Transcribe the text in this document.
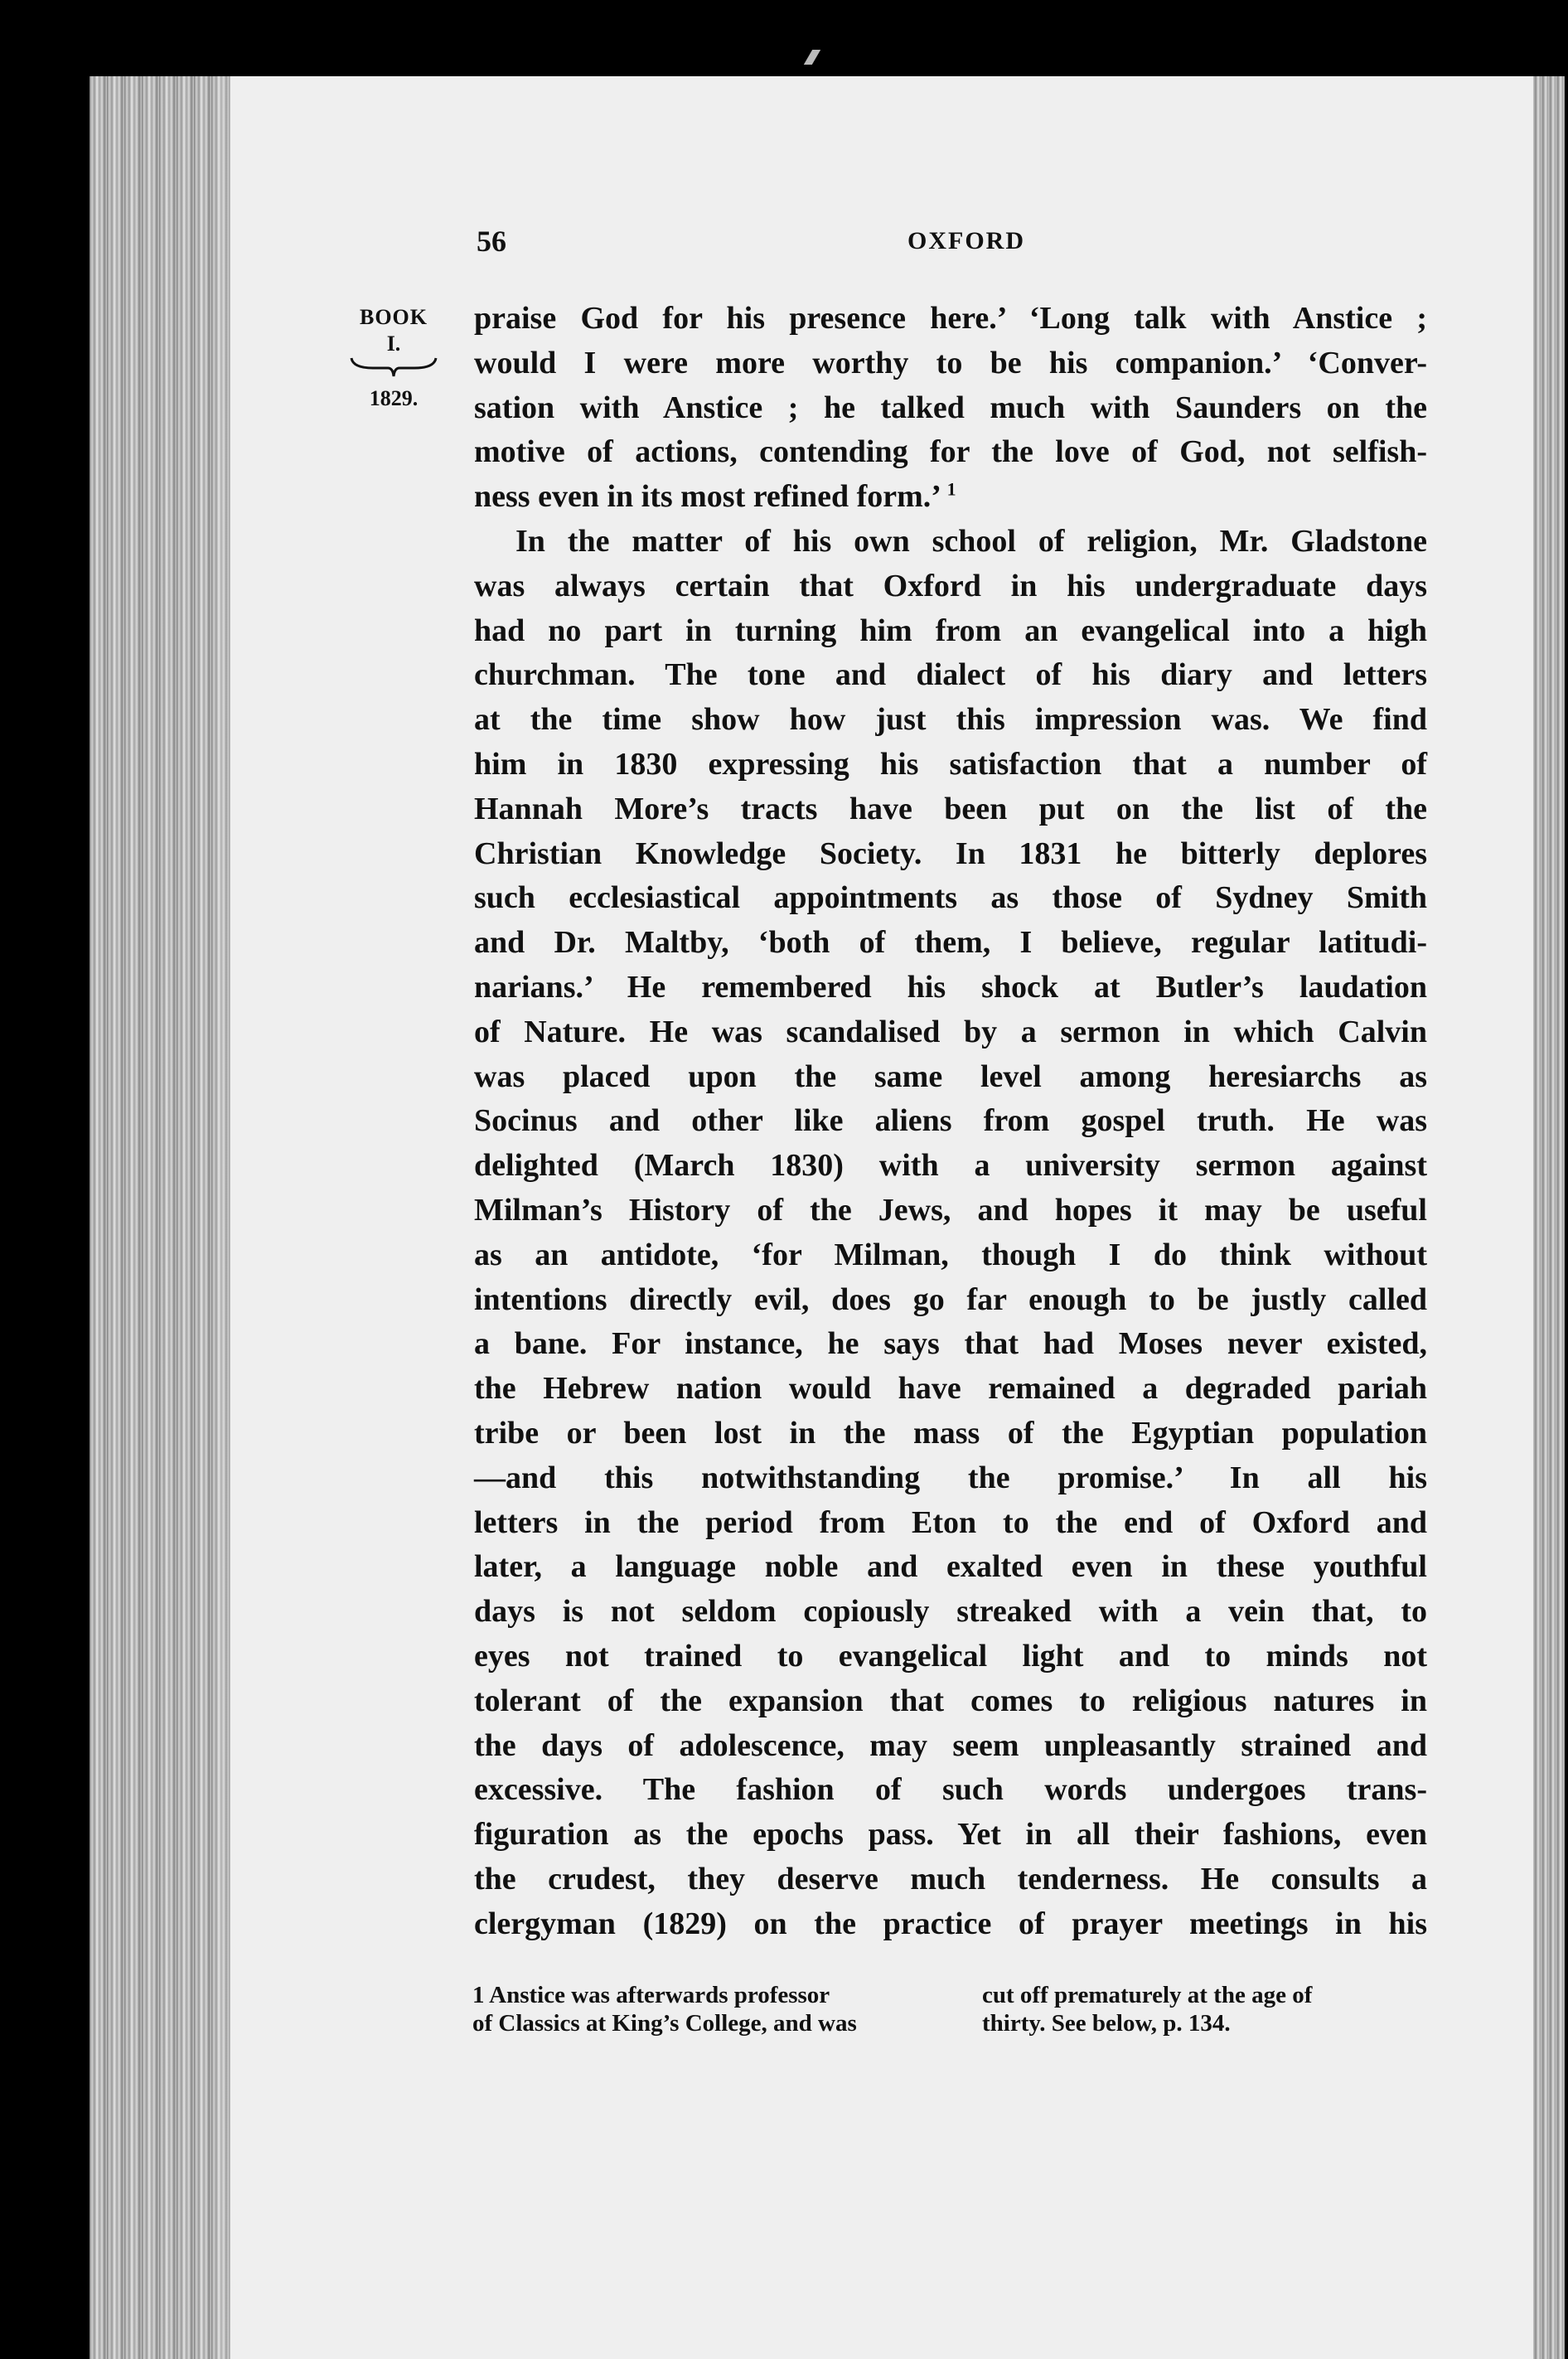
56	OXFORD
BOOK
I.
1829.
praise God for his presence here.’ ‘Long talk with Anstice ;
would I were more worthy to be his companion.’ ‘Conver-
sation with Anstice ; he talked much with Saunders on the
motive of actions, contending for the love of God, not selfish-
ness even in its most refined form.’ $^1$
In the matter of his own school of religion, Mr. Gladstone
was always certain that Oxford in his undergraduate days
had no part in turning him from an evangelical into a high
churchman. The tone and dialect of his diary and letters
at the time show how just this impression was. We find
him in 1830 expressing his satisfaction that a number of
Hannah More’s tracts have been put on the list of the
Christian Knowledge Society. In 1831 he bitterly deplores
such ecclesiastical appointments as those of Sydney Smith
and Dr. Maltby, ‘both of them, I believe, regular latitudi-
narians.’ He remembered his shock at Butler’s laudation
of Nature. He was scandalised by a sermon in which Calvin
was placed upon the same level among heresiarchs as
Socinus and other like aliens from gospel truth. He was
delighted (March 1830) with a university sermon against
Milman’s History of the Jews, and hopes it may be useful
as an antidote, ‘for Milman, though I do think without
intentions directly evil, does go far enough to be justly called
a bane. For instance, he says that had Moses never existed,
the Hebrew nation would have remained a degraded pariah
tribe or been lost in the mass of the Egyptian population
—and this notwithstanding the promise.’ In all his
letters in the period from Eton to the end of Oxford and
later, a language noble and exalted even in these youthful
days is not seldom copiously streaked with a vein that, to
eyes not trained to evangelical light and to minds not
tolerant of the expansion that comes to religious natures in
the days of adolescence, may seem unpleasantly strained and
excessive. The fashion of such words undergoes trans-
figuration as the epochs pass. Yet in all their fashions, even
the crudest, they deserve much tenderness. He consults a
clergyman (1829) on the practice of prayer meetings in his
1 Anstice was afterwards professor
of Classics at King’s College, and was
cut off prematurely at the age of
thirty. See below, p. 134.
